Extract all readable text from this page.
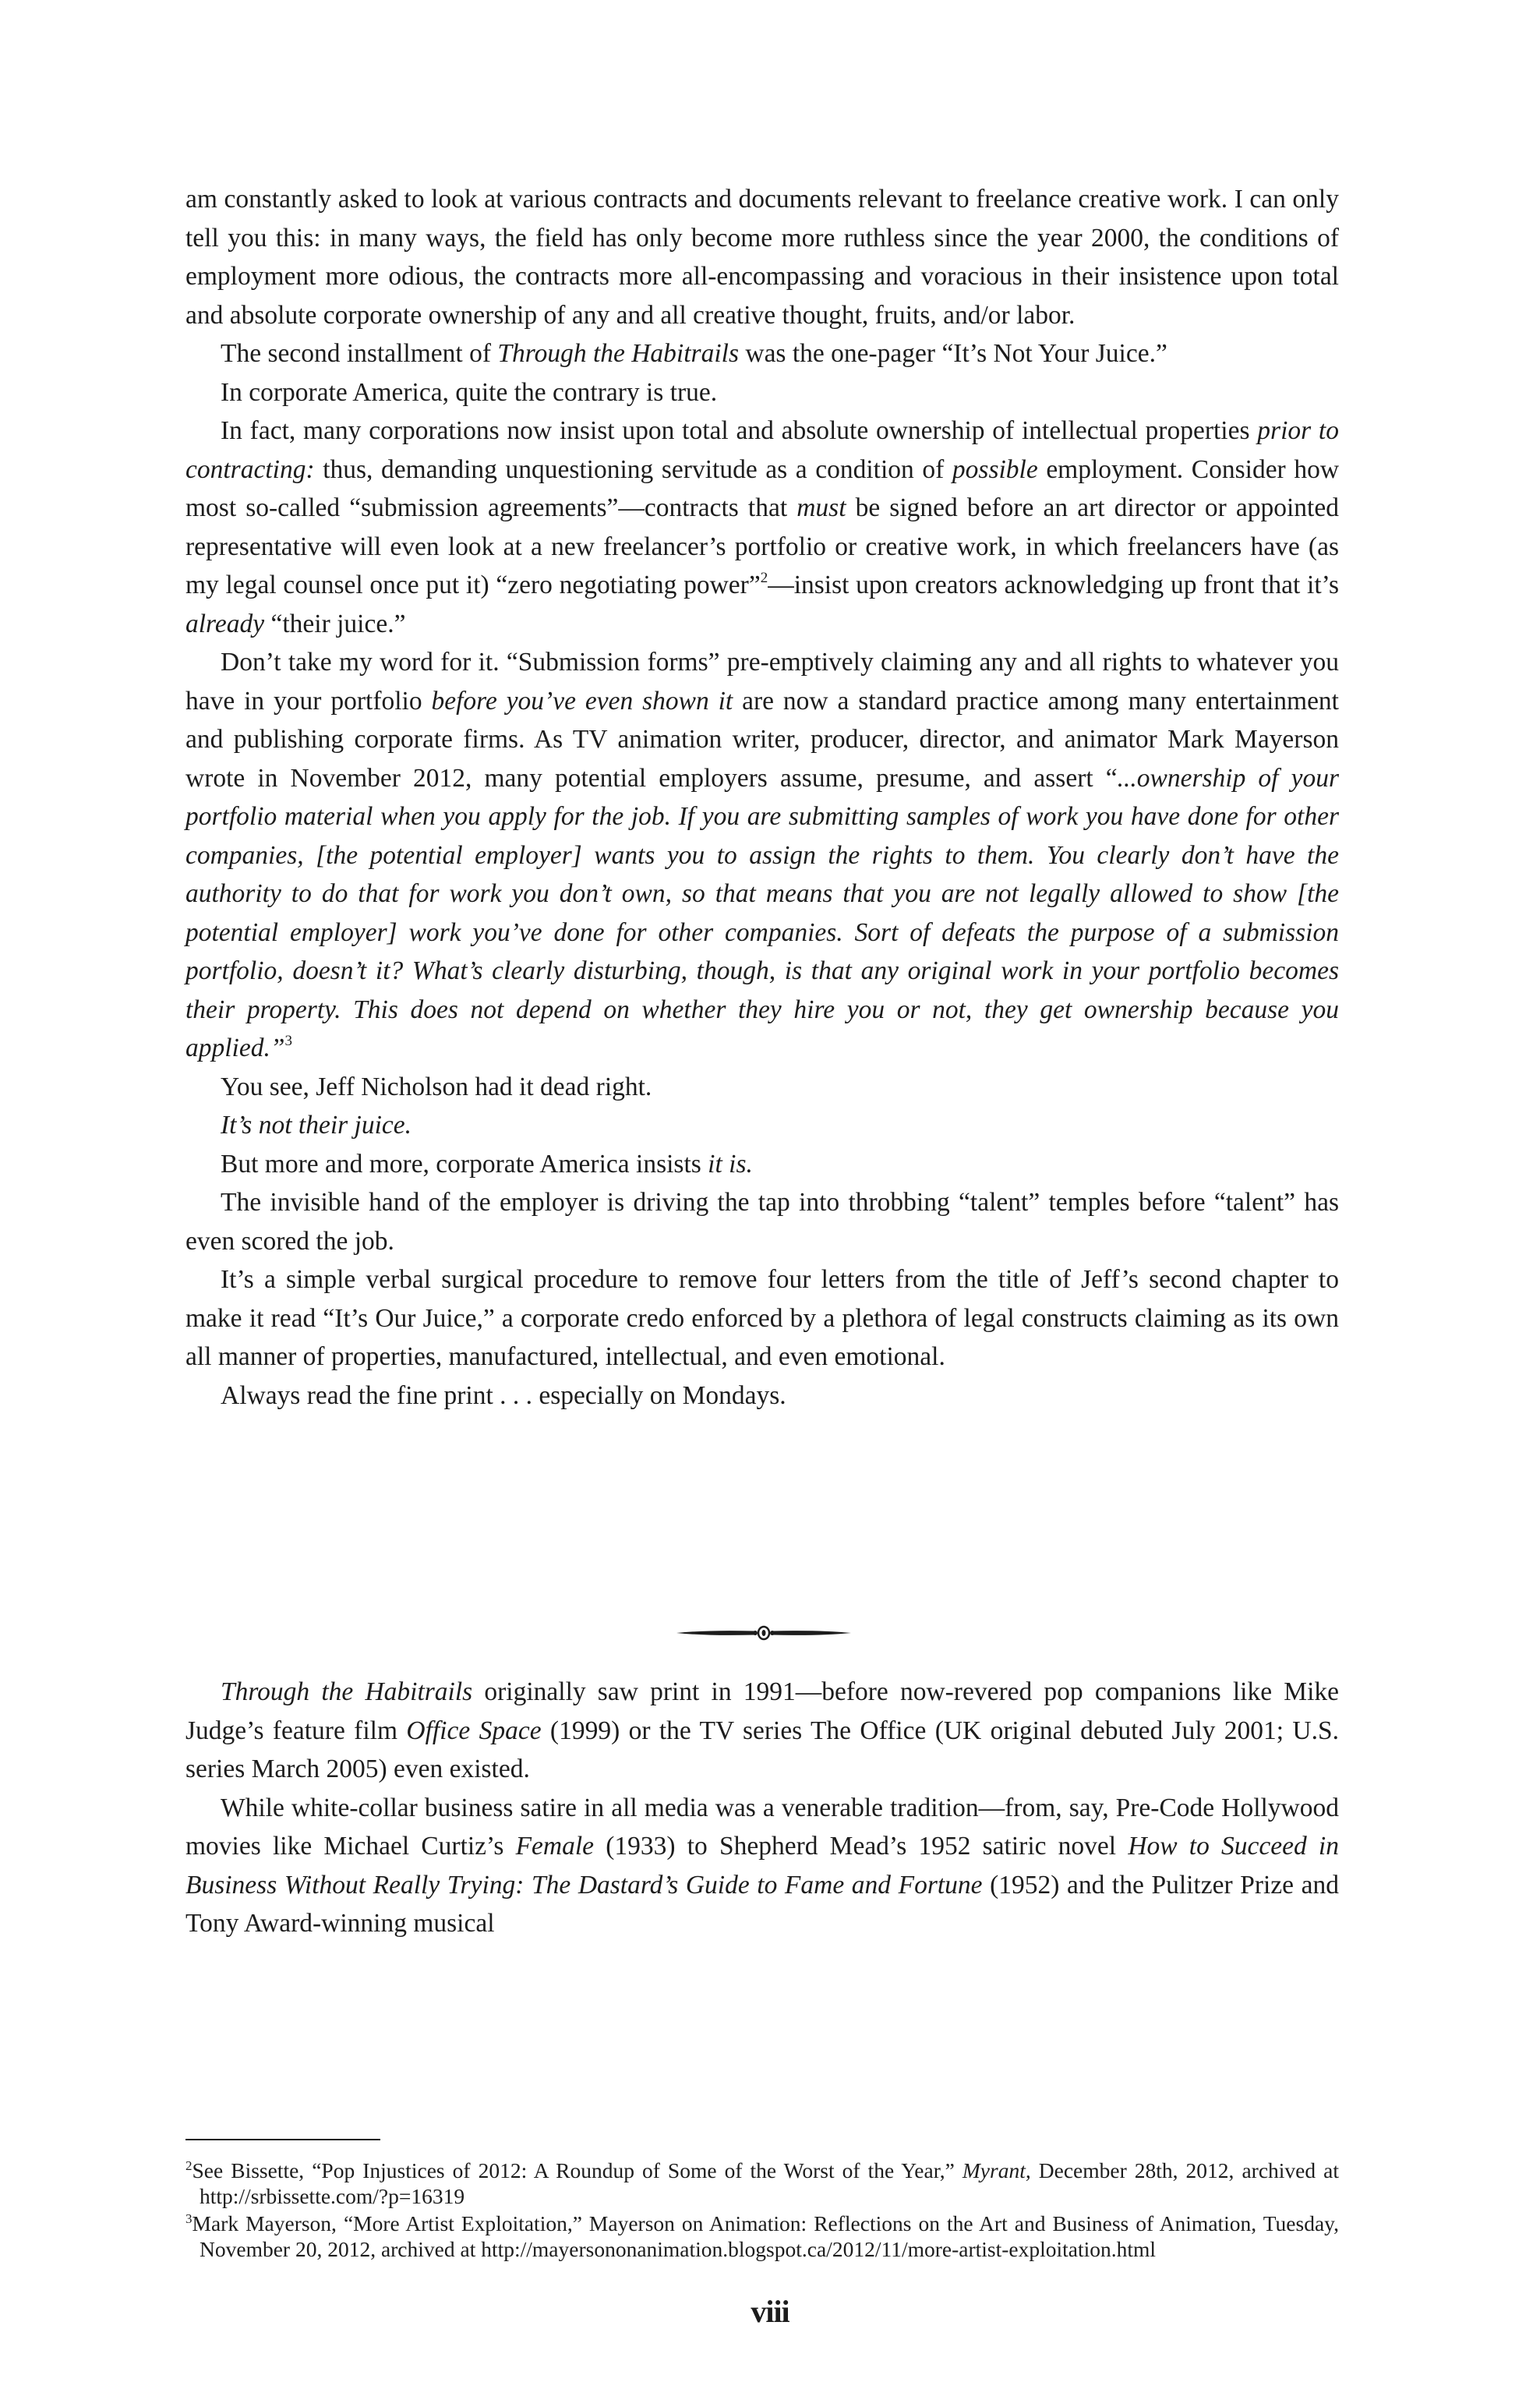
am constantly asked to look at various contracts and documents relevant to freelance creative work. I can only tell you this: in many ways, the field has only become more ruthless since the year 2000, the conditions of employment more odious, the contracts more all-encompassing and voracious in their insistence upon total and absolute corporate ownership of any and all creative thought, fruits, and/or labor.

The second installment of Through the Habitrails was the one-pager “It’s Not Your Juice.”

In corporate America, quite the contrary is true.

In fact, many corporations now insist upon total and absolute ownership of intellectual properties prior to contracting: thus, demanding unquestioning servitude as a condition of possible employment. Consider how most so-called “submission agreements”—contracts that must be signed before an art director or appointed representative will even look at a new freelancer’s portfolio or creative work, in which freelancers have (as my legal counsel once put it) “zero negotiating power”$^2$—insist upon creators acknowledging up front that it’s already “their juice.”

Don’t take my word for it. “Submission forms” pre-emptively claiming any and all rights to whatever you have in your portfolio before you’ve even shown it are now a standard practice among many entertainment and publishing corporate firms. As TV animation writer, producer, director, and animator Mark Mayerson wrote in November 2012, many potential employers assume, presume, and assert “...ownership of your portfolio material when you apply for the job. If you are submitting samples of work you have done for other companies, [the potential employer] wants you to assign the rights to them. You clearly don’t have the authority to do that for work you don’t own, so that means that you are not legally allowed to show [the potential employer] work you’ve done for other companies. Sort of defeats the purpose of a submission portfolio, doesn’t it? What’s clearly disturbing, though, is that any original work in your portfolio becomes their property. This does not depend on whether they hire you or not, they get ownership because you applied.”$^3$

You see, Jeff Nicholson had it dead right.

It’s not their juice.

But more and more, corporate America insists it is.

The invisible hand of the employer is driving the tap into throbbing “talent” temples before “talent” has even scored the job.

It’s a simple verbal surgical procedure to remove four letters from the title of Jeff’s second chapter to make it read “It’s Our Juice,” a corporate credo enforced by a plethora of legal constructs claiming as its own all manner of properties, manufactured, intellectual, and even emotional.

Always read the fine print . . . especially on Mondays.

Through the Habitrails originally saw print in 1991—before now-revered pop companions like Mike Judge’s feature film Office Space (1999) or the TV series The Office (UK original debuted July 2001; U.S. series March 2005) even existed.

While white-collar business satire in all media was a venerable tradition—from, say, Pre-Code Hollywood movies like Michael Curtiz’s Female (1933) to Shepherd Mead’s 1952 satiric novel How to Succeed in Business Without Really Trying: The Dastard’s Guide to Fame and Fortune (1952) and the Pulitzer Prize and Tony Award-winning musical

$^2$See Bissette, “Pop Injustices of 2012: A Roundup of Some of the Worst of the Year,” Myrant, December 28th, 2012, archived at http://srbissette.com/?p=16319

$^3$Mark Mayerson, “More Artist Exploitation,” Mayerson on Animation: Reflections on the Art and Business of Animation, Tuesday, November 20, 2012, archived at http://mayersononanimation.blogspot.ca/2012/11/more-artist-exploitation.html

viii
